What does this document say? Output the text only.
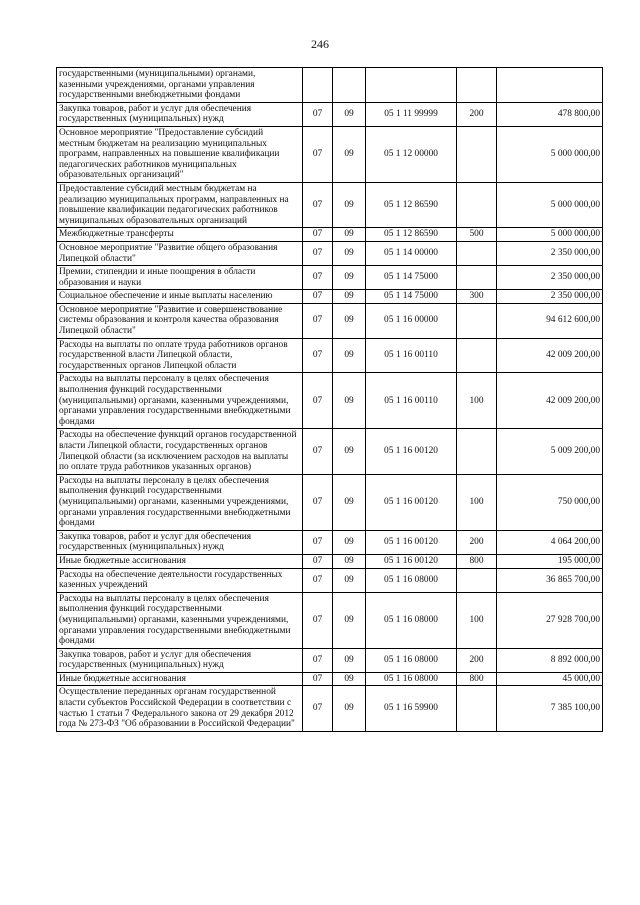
246
государственными (муниципальными) органами, казенными учреждениями, органами управления государственными внебюджетными фондами					
Закупка товаров, работ и услуг для обеспечения государственных (муниципальных) нужд	07	09	05 1 11 99999	200	478 800,00
Основное мероприятие "Предоставление субсидий местным бюджетам на реализацию муниципальных программ, направленных на повышение квалификации педагогических работников муниципальных образовательных организаций"	07	09	05 1 12 00000		5 000 000,00
Предоставление субсидий местным бюджетам на реализацию муниципальных программ, направленных на повышение квалификации педагогических работников муниципальных образовательных организаций	07	09	05 1 12 86590		5 000 000,00
Межбюджетные трансферты	07	09	05 1 12 86590	500	5 000 000,00
Основное мероприятие "Развитие общего образования Липецкой области"	07	09	05 1 14 00000		2 350 000,00
Премии, стипендии и иные поощрения в области образования и науки	07	09	05 1 14 75000		2 350 000,00
Социальное обеспечение и иные выплаты населению	07	09	05 1 14 75000	300	2 350 000,00
Основное мероприятие "Развитие и совершенствование системы образования и контроля качества образования Липецкой области"	07	09	05 1 16 00000		94 612 600,00
Расходы на выплаты по оплате труда работников органов государственной власти Липецкой области, государственных органов Липецкой области	07	09	05 1 16 00110		42 009 200,00
Расходы на выплаты персоналу в целях обеспечения выполнения функций государственными (муниципальными) органами, казенными учреждениями, органами управления государственными внебюджетными фондами	07	09	05 1 16 00110	100	42 009 200,00
Расходы на обеспечение функций органов государственной власти Липецкой области, государственных органов Липецкой области (за исключением расходов на выплаты по оплате труда работников указанных органов)	07	09	05 1 16 00120		5 009 200,00
Расходы на выплаты персоналу в целях обеспечения выполнения функций государственными (муниципальными) органами, казенными учреждениями, органами управления государственными внебюджетными фондами	07	09	05 1 16 00120	100	750 000,00
Закупка товаров, работ и услуг для обеспечения государственных (муниципальных) нужд	07	09	05 1 16 00120	200	4 064 200,00
Иные бюджетные ассигнования	07	09	05 1 16 00120	800	195 000,00
Расходы на обеспечение деятельности государственных казенных учреждений	07	09	05 1 16 08000		36 865 700,00
Расходы на выплаты персоналу в целях обеспечения выполнения функций государственными (муниципальными) органами, казенными учреждениями, органами управления государственными внебюджетными фондами	07	09	05 1 16 08000	100	27 928 700,00
Закупка товаров, работ и услуг для обеспечения государственных (муниципальных) нужд	07	09	05 1 16 08000	200	8 892 000,00
Иные бюджетные ассигнования	07	09	05 1 16 08000	800	45 000,00
Осуществление переданных органам государственной власти субъектов Российской Федерации в соответствии с частью 1 статьи 7 Федерального закона от 29 декабря 2012 года № 273-ФЗ "Об образовании в Российской Федерации"	07	09	05 1 16 59900		7 385 100,00
